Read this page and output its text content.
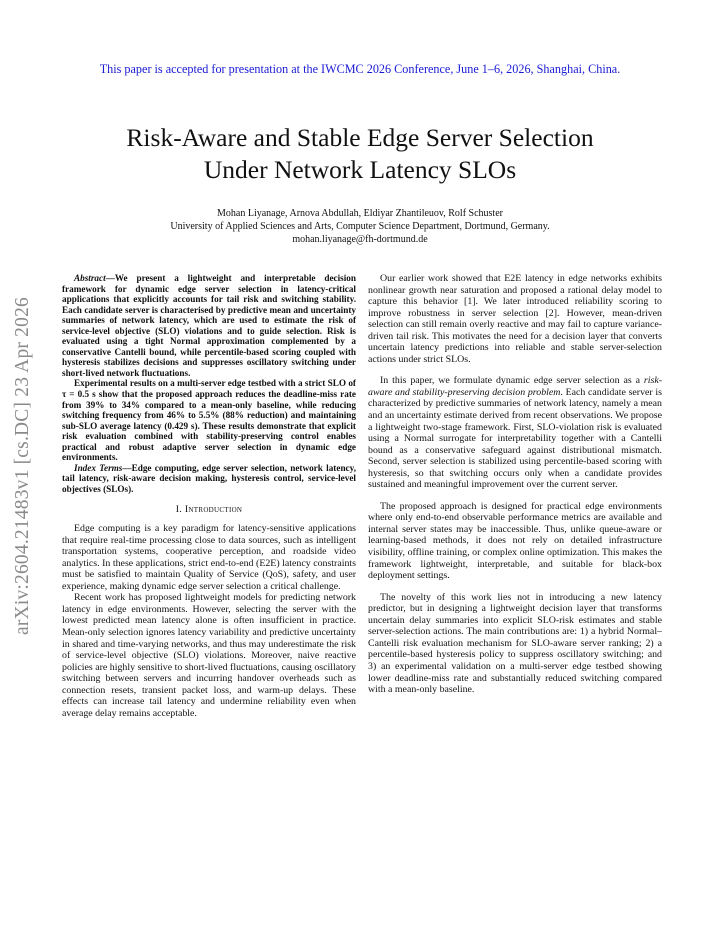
This paper is accepted for presentation at the IWCMC 2026 Conference, June 1–6, 2026, Shanghai, China.
Risk-Aware and Stable Edge Server Selection
Under Network Latency SLOs
Mohan Liyanage, Arnova Abdullah, Eldiyar Zhantileuov, Rolf Schuster
University of Applied Sciences and Arts, Computer Science Department, Dortmund, Germany.
mohan.liyanage@fh-dortmund.de
arXiv:2604.21483v1 [cs.DC] 23 Apr 2026

Abstract—We present a lightweight and interpretable decision framework for dynamic edge server selection in latency-critical applications that explicitly accounts for tail risk and switching stability. Each candidate server is characterised by predictive mean and uncertainty summaries of network latency, which are used to estimate the risk of service-level objective (SLO) violations and to guide selection. Risk is evaluated using a tight Normal approximation complemented by a conservative Cantelli bound, while percentile-based scoring coupled with hysteresis stabilizes decisions and suppresses oscillatory switching under short-lived network fluctuations.

Experimental results on a multi-server edge testbed with a strict SLO of τ = 0.5 s show that the proposed approach reduces the deadline-miss rate from 39% to 34% compared to a mean-only baseline, while reducing switching frequency from 46% to 5.5% (88% reduction) and maintaining sub-SLO average latency (0.429 s). These results demonstrate that explicit risk evaluation combined with stability-preserving control enables practical and robust adaptive server selection in dynamic edge environments.

Index Terms—Edge computing, edge server selection, network latency, tail latency, risk-aware decision making, hysteresis control, service-level objectives (SLOs).

I. Introduction

Edge computing is a key paradigm for latency-sensitive applications that require real-time processing close to data sources, such as intelligent transportation systems, cooperative perception, and roadside video analytics. In these applications, strict end-to-end (E2E) latency constraints must be satisfied to maintain Quality of Service (QoS), safety, and user experience, making dynamic edge server selection a critical challenge.

Recent work has proposed lightweight models for predicting network latency in edge environments. However, selecting the server with the lowest predicted mean latency alone is often insufficient in practice. Mean-only selection ignores latency variability and predictive uncertainty in shared and time-varying networks, and thus may underestimate the risk of service-level objective (SLO) violations. Moreover, naive reactive policies are highly sensitive to short-lived fluctuations, causing oscillatory switching between servers and incurring handover overheads such as connection resets, transient packet loss, and warm-up delays. These effects can increase tail latency and undermine reliability even when average delay remains acceptable.

Our earlier work showed that E2E latency in edge networks exhibits nonlinear growth near saturation and proposed a rational delay model to capture this behavior [1]. We later introduced reliability scoring to improve robustness in server selection [2]. However, mean-driven selection can still remain overly reactive and may fail to capture variance-driven tail risk. This motivates the need for a decision layer that converts uncertain latency predictions into reliable and stable server-selection actions under strict SLOs.

In this paper, we formulate dynamic edge server selection as a risk-aware and stability-preserving decision problem. Each candidate server is characterized by predictive summaries of network latency, namely a mean and an uncertainty estimate derived from recent observations. We propose a lightweight two-stage framework. First, SLO-violation risk is evaluated using a Normal surrogate for interpretability together with a Cantelli bound as a conservative safeguard against distributional mismatch. Second, server selection is stabilized using percentile-based scoring with hysteresis, so that switching occurs only when a candidate provides sustained and meaningful improvement over the current server.

The proposed approach is designed for practical edge environments where only end-to-end observable performance metrics are available and internal server states may be inaccessible. Thus, unlike queue-aware or learning-based methods, it does not rely on detailed infrastructure visibility, offline training, or complex online optimization. This makes the framework lightweight, interpretable, and suitable for black-box deployment settings.

The novelty of this work lies not in introducing a new latency predictor, but in designing a lightweight decision layer that transforms uncertain delay summaries into explicit SLO-risk estimates and stable server-selection actions. The main contributions are: 1) a hybrid Normal–Cantelli risk evaluation mechanism for SLO-aware server ranking; 2) a percentile-based hysteresis policy to suppress oscillatory switching; and 3) an experimental validation on a multi-server edge testbed showing lower deadline-miss rate and substantially reduced switching compared with a mean-only baseline.
